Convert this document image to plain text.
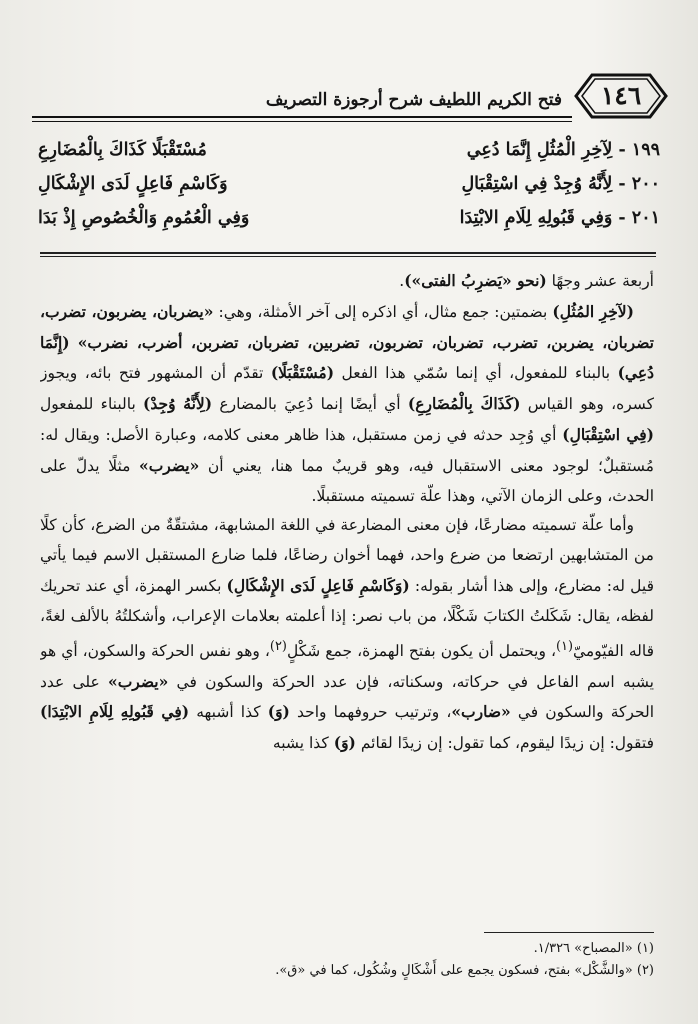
فتح الكريم اللطيف شرح أرجوزة التصريف	١٤٦
١٩٩ - لِآخِرِ الْمُثُلِ إِنَّمَا دُعِي
مُسْتَقْبَلًا كَذَاكَ بِالْمُضَارِعِ
٢٠٠ - لِأَنَّهُ وُجِدْ فِي اسْتِقْبَالِ
وَكَاسْمِ فَاعِلٍ لَدَى الإِشْكَالِ
٢٠١ - وَفِي قَبُولِهِ لِلَامِ الابْتِدَا
وَفِي الْعُمُومِ وَالْخُصُوصِ إِذْ بَدَا

أربعة عشر وجهًا (نحو «يَضرِبُ الفتى»).

(لآخِرِ المُثُلِ) بضمتين: جمع مثال، أي اذكره إلى آخر الأمثلة، وهي: «يضربان، يضربون، تضرب، تضربان، يضربن، تضرب، تضربان، تضربون، تضربين، تضربان، تضربن، أضرب، نضرب» (إِنَّمَا دُعِي) بالبناء للمفعول، أي إنما سُمّي هذا الفعل (مُسْتَقْبَلًا) تقدّم أن المشهور فتح بائه، ويجوز كسره، وهو القياس (كَذَاكَ بِالْمُضَارِعِ) أي أيضًا إنما دُعِيَ بالمضارع (لِأَنَّهُ وُجِدْ) بالبناء للمفعول (فِي اسْتِقْبَالِ) أي وُجِد حدثه في زمن مستقبل، هذا ظاهر معنى كلامه، وعبارة الأصل: ويقال له: مُستقبلٌ؛ لوجود معنى الاستقبال فيه، وهو قريبٌ مما هنا، يعني أن «يضرب» مثلًا يدلّ على الحدث، وعلى الزمان الآتي، وهذا علّة تسميته مستقبلًا.

وأما علّة تسميته مضارعًا، فإن معنى المضارعة في اللغة المشابهة، مشتقّةٌ من الضرع، كأن كلًا من المتشابهين ارتضعا من ضرع واحد، فهما أخوان رضاعًا، فلما ضارع المستقبل الاسم فيما يأتي قيل له: مضارع، وإلى هذا أشار بقوله: (وَكَاسْمِ فَاعِلٍ لَدَى الإِشْكَالِ) بكسر الهمزة، أي عند تحريك لفظه، يقال: شَكَلتُ الكتابَ شَكْلًا، من باب نصر: إذا أعلمته بعلامات الإعراب، وأشكلتُهُ بالألف لغةً، قاله الفيّوميّ$^{(١)}$، ويحتمل أن يكون بفتح الهمزة، جمع شَكْلٍ$^{(٢)}$، وهو نفس الحركة والسكون، أي هو يشبه اسم الفاعل في حركاته، وسكناته، فإن عدد الحركة والسكون في «يضرب» على عدد الحركة والسكون في «ضارب»، وترتيب حروفهما واحد (وَ) كذا أشبهه (فِي قَبُولِهِ لِلَامِ الابْتِدَا) فتقول: إن زيدًا ليقوم، كما تقول: إن زيدًا لقائم (وَ) كذا يشبه

(١) «المصباح» ١/٣٢٦.
(٢) «والشَّكْل» بفتح، فسكون يجمع على أَشْكَالٍ وشُكُول، كما في «ق».
